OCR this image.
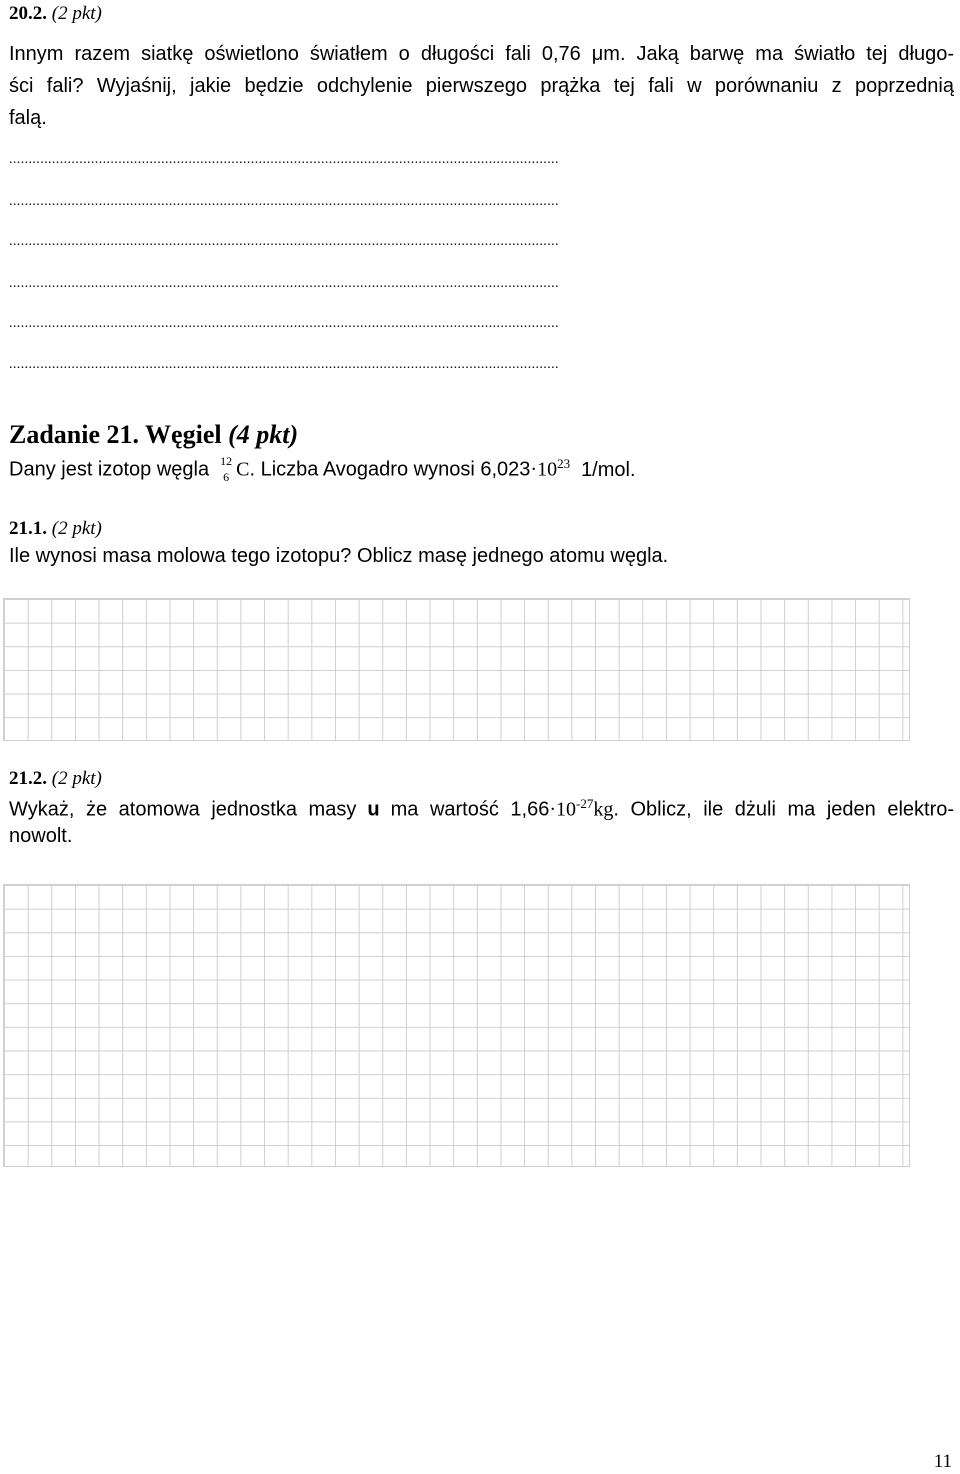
20.2. (2 pkt)
Innym razem siatkę oświetlono światłem o długości fali 0,76 μm. Jaką barwę ma światło tej długo-
ści fali? Wyjaśnij, jakie będzie odchylenie pierwszego prążka tej fali w porównaniu z poprzednią
falą.
.............................................................................................................................................
.............................................................................................................................................
.............................................................................................................................................
.............................................................................................................................................
.............................................................................................................................................
.............................................................................................................................................
Zadanie 21. Węgiel (4 pkt)
Dany jest izotop węgla 12
6 C. Liczba Avogadro wynosi $6,023\cdot 10^{23}$ 1/mol.
21.1. (2 pkt)
Ile wynosi masa molowa tego izotopu? Oblicz masę jednego atomu węgla.
21.2. (2 pkt)
Wykaż, że atomowa jednostka masy u ma wartość $1,66\cdot 10^{-27}kg$. Oblicz, ile dżuli ma jeden elektro-
nowolt.
11
